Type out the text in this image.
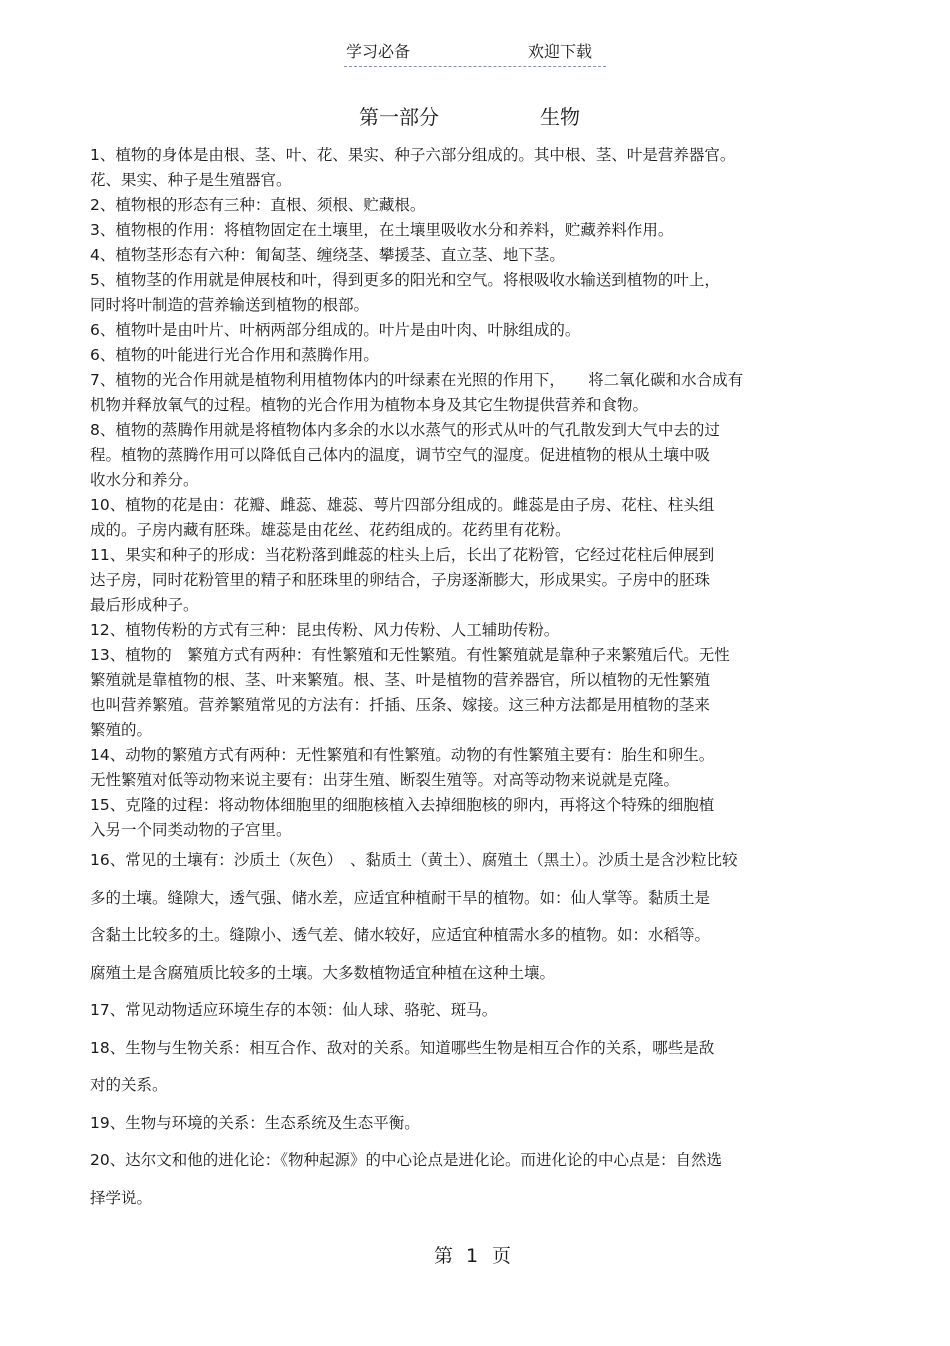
学习必备	欢迎下载
第一部分	生物
1、植物的身体是由根、茎、叶、花、果实、种子六部分组成的。其中根、茎、叶是营养器官。
花、果实、种子是生殖器官。
2、植物根的形态有三种：直根、须根、贮藏根。
3、植物根的作用：将植物固定在土壤里，在土壤里吸收水分和养料，贮藏养料作用。
4、植物茎形态有六种：匍匐茎、缠绕茎、攀援茎、直立茎、地下茎。
5、植物茎的作用就是伸展枝和叶，得到更多的阳光和空气。将根吸收水输送到植物的叶上，
同时将叶制造的营养输送到植物的根部。
6、植物叶是由叶片、叶柄两部分组成的。叶片是由叶肉、叶脉组成的。
6、植物的叶能进行光合作用和蒸腾作用。
7、植物的光合作用就是植物利用植物体内的叶绿素在光照的作用下，　　将二氧化碳和水合成有
机物并释放氧气的过程。植物的光合作用为植物本身及其它生物提供营养和食物。
8、植物的蒸腾作用就是将植物体内多余的水以水蒸气的形式从叶的气孔散发到大气中去的过
程。植物的蒸腾作用可以降低自己体内的温度，调节空气的湿度。促进植物的根从土壤中吸
收水分和养分。
10、植物的花是由：花瓣、雌蕊、雄蕊、萼片四部分组成的。雌蕊是由子房、花柱、柱头组
成的。子房内藏有胚珠。雄蕊是由花丝、花药组成的。花药里有花粉。
11、果实和种子的形成：当花粉落到雌蕊的柱头上后，长出了花粉管，它经过花柱后伸展到
达子房，同时花粉管里的精子和胚珠里的卵结合，子房逐渐膨大，形成果实。子房中的胚珠
最后形成种子。
12、植物传粉的方式有三种：昆虫传粉、风力传粉、人工辅助传粉。
13、植物的　繁殖方式有两种：有性繁殖和无性繁殖。有性繁殖就是靠种子来繁殖后代。无性
繁殖就是靠植物的根、茎、叶来繁殖。根、茎、叶是植物的营养器官，所以植物的无性繁殖
也叫营养繁殖。营养繁殖常见的方法有：扦插、压条、嫁接。这三种方法都是用植物的茎来
繁殖的。
14、动物的繁殖方式有两种：无性繁殖和有性繁殖。动物的有性繁殖主要有：胎生和卵生。
无性繁殖对低等动物来说主要有：出芽生殖、断裂生殖等。对高等动物来说就是克隆。
15、克隆的过程：将动物体细胞里的细胞核植入去掉细胞核的卵内，再将这个特殊的细胞植
入另一个同类动物的子宫里。
16、常见的土壤有：沙质土（灰色）　、黏质土（黄土）、腐殖土（黑土）。沙质土是含沙粒比较
多的土壤。缝隙大，透气强、储水差，应适宜种植耐干旱的植物。如：仙人掌等。黏质土是
含黏土比较多的土。缝隙小、透气差、储水较好，应适宜种植需水多的植物。如：水稻等。
腐殖土是含腐殖质比较多的土壤。大多数植物适宜种植在这种土壤。
17、常见动物适应环境生存的本领：仙人球、骆驼、斑马。
18、生物与生物关系：相互合作、敌对的关系。知道哪些生物是相互合作的关系，哪些是敌
对的关系。
19、生物与环境的关系：生态系统及生态平衡。
20、达尔文和他的进化论：《物种起源》的中心论点是进化论。而进化论的中心点是：自然选
择学说。
第 1 页
